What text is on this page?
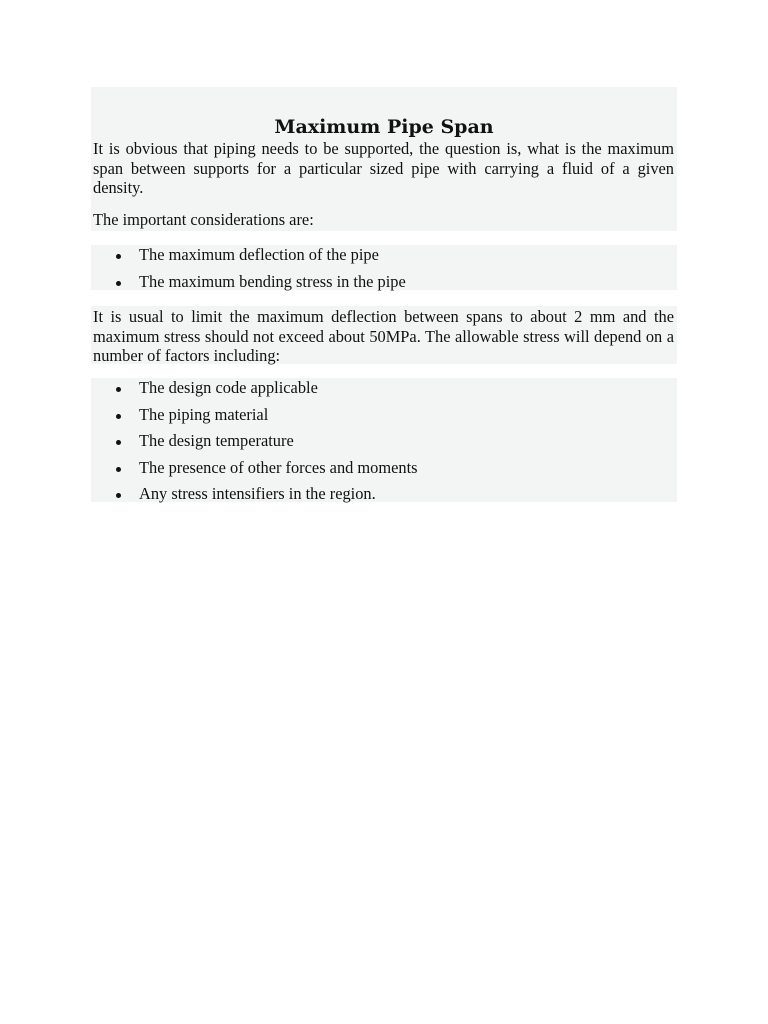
Maximum Pipe Span

It is obvious that piping needs to be supported, the question is, what is the maximum span between supports for a particular sized pipe with carrying a fluid of a given density.

The important considerations are:

The maximum deflection of the pipe
The maximum bending stress in the pipe

It is usual to limit the maximum deflection between spans to about 2 mm and the maximum stress should not exceed about 50MPa. The allowable stress will depend on a number of factors including:

The design code applicable
The piping material
The design temperature
The presence of other forces and moments
Any stress intensifiers in the region.
